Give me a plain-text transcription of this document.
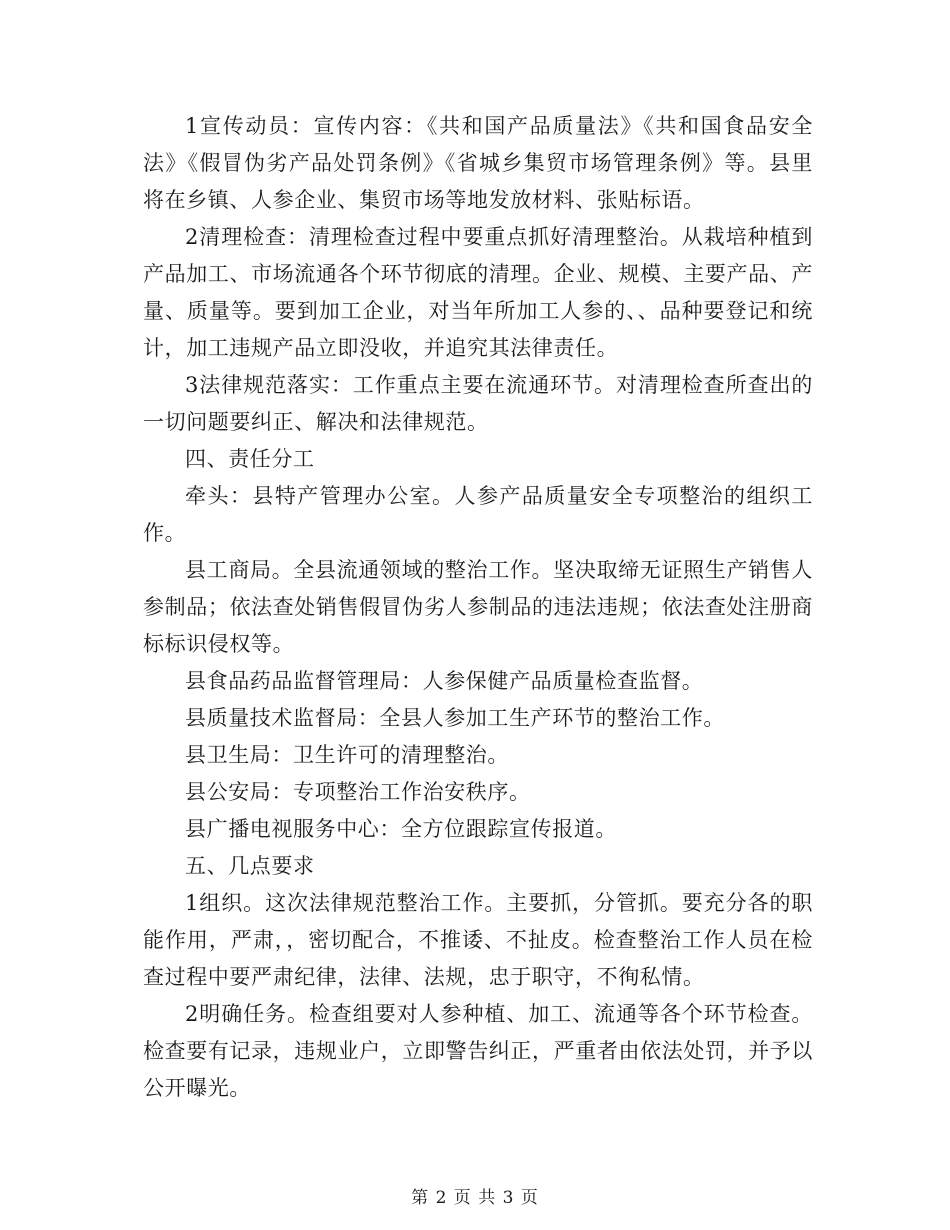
1宣传动员：宣传内容：《共和国产品质量法》《共和国食品安全法》《假冒伪劣产品处罚条例》《省城乡集贸市场管理条例》等。县里将在乡镇、人参企业、集贸市场等地发放材料、张贴标语。

2清理检查：清理检查过程中要重点抓好清理整治。从栽培种植到产品加工、市场流通各个环节彻底的清理。企业、规模、主要产品、产量、质量等。要到加工企业，对当年所加工人参的、、品种要登记和统计，加工违规产品立即没收，并追究其法律责任。

3法律规范落实：工作重点主要在流通环节。对清理检查所查出的一切问题要纠正、解决和法律规范。

四、责任分工

牵头：县特产管理办公室。人参产品质量安全专项整治的组织工作。

县工商局。全县流通领域的整治工作。坚决取缔无证照生产销售人参制品；依法查处销售假冒伪劣人参制品的违法违规；依法查处注册商标标识侵权等。

县食品药品监督管理局：人参保健产品质量检查监督。

县质量技术监督局：全县人参加工生产环节的整治工作。

县卫生局：卫生许可的清理整治。

县公安局：专项整治工作治安秩序。

县广播电视服务中心：全方位跟踪宣传报道。

五、几点要求

1组织。这次法律规范整治工作。主要抓，分管抓。要充分各的职能作用，严肃，，密切配合，不推诿、不扯皮。检查整治工作人员在检查过程中要严肃纪律，法律、法规，忠于职守，不徇私情。

2明确任务。检查组要对人参种植、加工、流通等各个环节检查。检查要有记录，违规业户，立即警告纠正，严重者由依法处罚，并予以公开曝光。

第 2 页 共 3 页
